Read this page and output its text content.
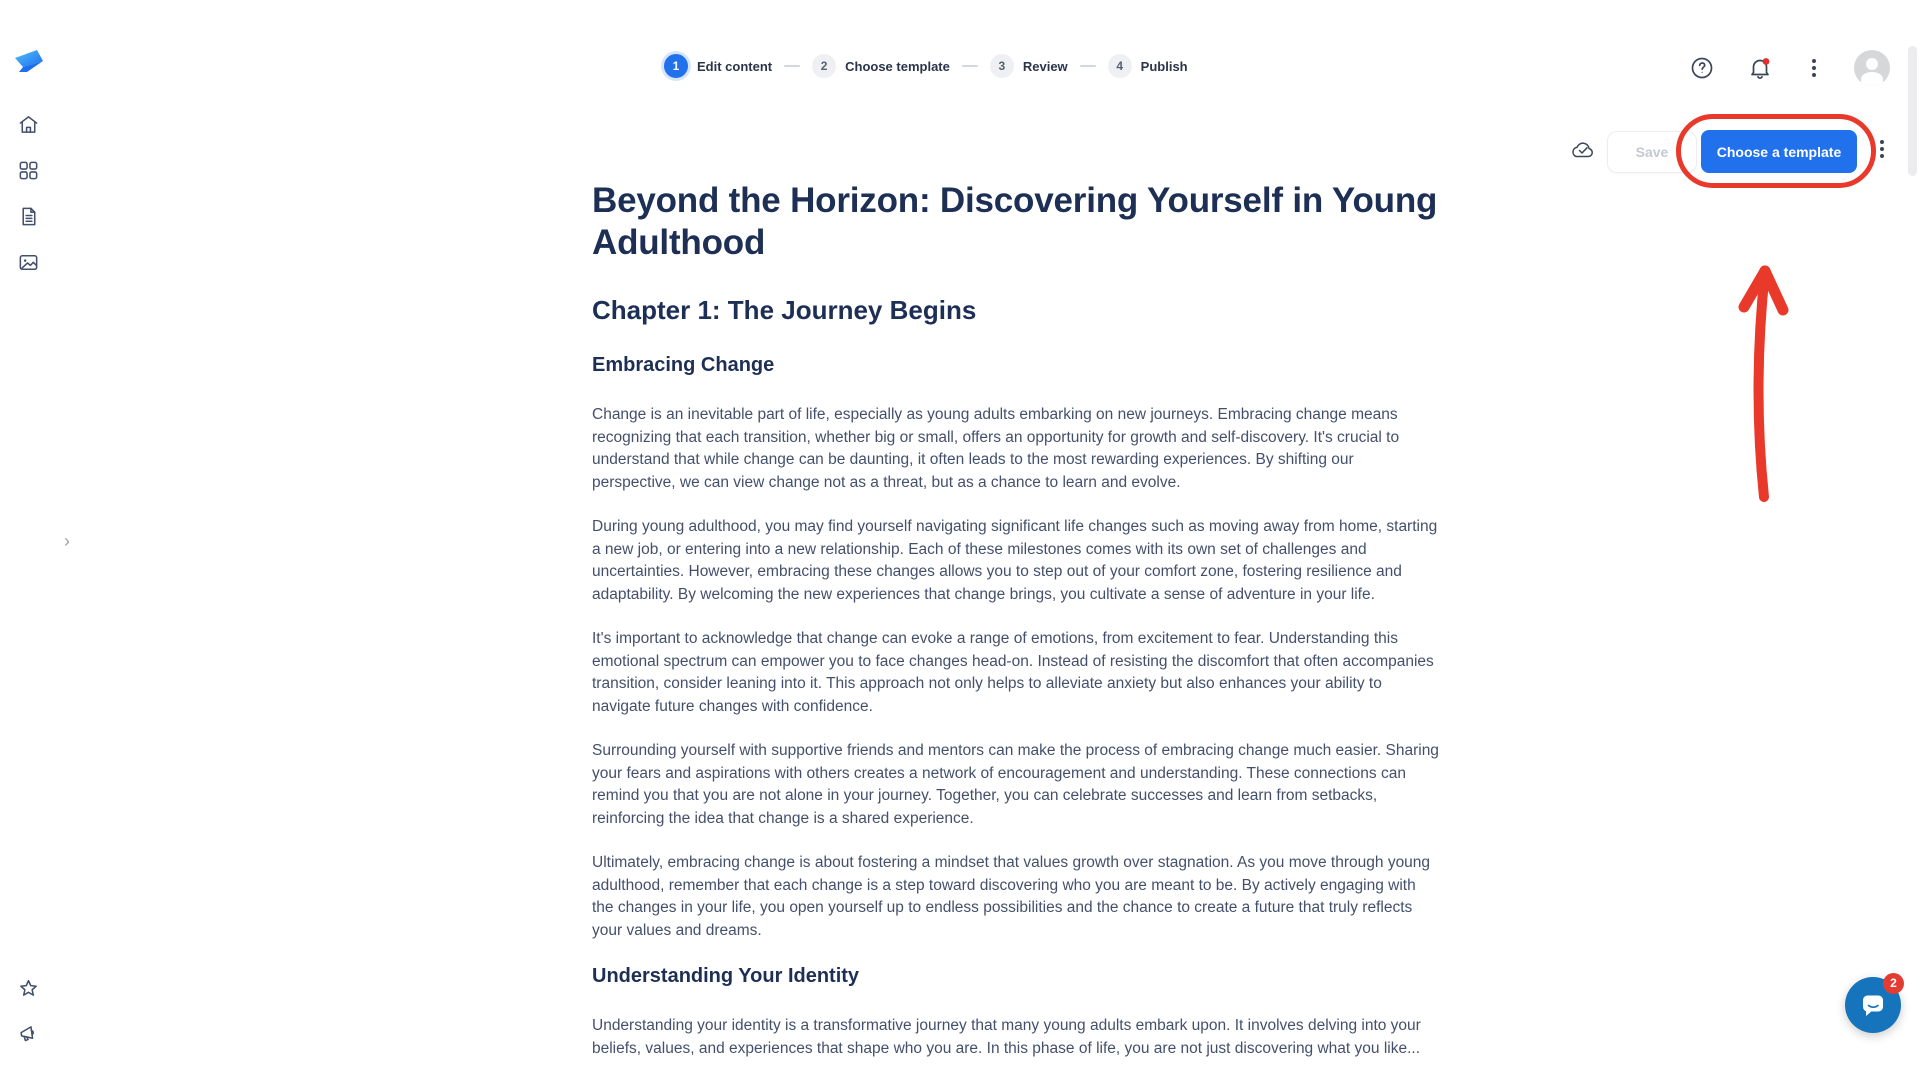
›
1	Edit content	2	Choose template	3	Review	4	Publish
Save	Choose a template
Beyond the Horizon: Discovering Yourself in Young Adulthood
Chapter 1: The Journey Begins
Embracing Change

Change is an inevitable part of life, especially as young adults embarking on new journeys. Embracing change means recognizing that each transition, whether big or small, offers an opportunity for growth and self-discovery. It's crucial to understand that while change can be daunting, it often leads to the most rewarding experiences. By shifting our perspective, we can view change not as a threat, but as a chance to learn and evolve.

During young adulthood, you may find yourself navigating significant life changes such as moving away from home, starting a new job, or entering into a new relationship. Each of these milestones comes with its own set of challenges and uncertainties. However, embracing these changes allows you to step out of your comfort zone, fostering resilience and adaptability. By welcoming the new experiences that change brings, you cultivate a sense of adventure in your life.

It's important to acknowledge that change can evoke a range of emotions, from excitement to fear. Understanding this emotional spectrum can empower you to face changes head-on. Instead of resisting the discomfort that often accompanies transition, consider leaning into it. This approach not only helps to alleviate anxiety but also enhances your ability to navigate future changes with confidence.

Surrounding yourself with supportive friends and mentors can make the process of embracing change much easier. Sharing your fears and aspirations with others creates a network of encouragement and understanding. These connections can remind you that you are not alone in your journey. Together, you can celebrate successes and learn from setbacks, reinforcing the idea that change is a shared experience.

Ultimately, embracing change is about fostering a mindset that values growth over stagnation. As you move through young adulthood, remember that each change is a step toward discovering who you are meant to be. By actively engaging with the changes in your life, you open yourself up to endless possibilities and the chance to create a future that truly reflects your values and dreams.

Understanding Your Identity

Understanding your identity is a transformative journey that many young adults embark upon. It involves delving into your beliefs, values, and experiences that shape who you are. In this phase of life, you are not just discovering what you like...

2
